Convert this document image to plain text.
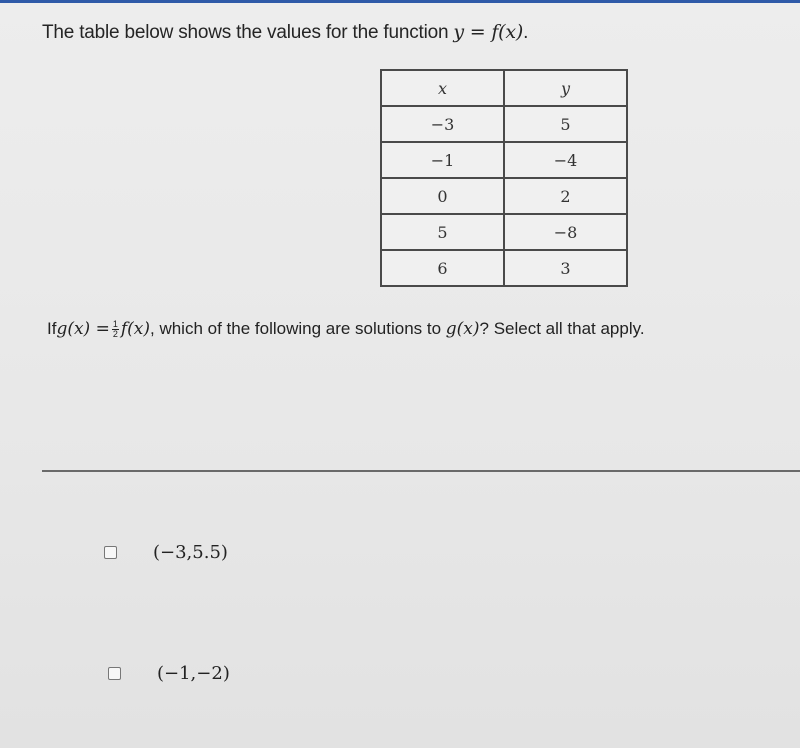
The table below shows the values for the function y = f(x).
x	y
−3	5
−1	−4
0	2
5	−8
6	3
If $g(x) = \frac{1}{2} f(x)$ , which of the following are solutions to g(x) ? Select all that apply.
(−3,5.5)
(−1,−2)
